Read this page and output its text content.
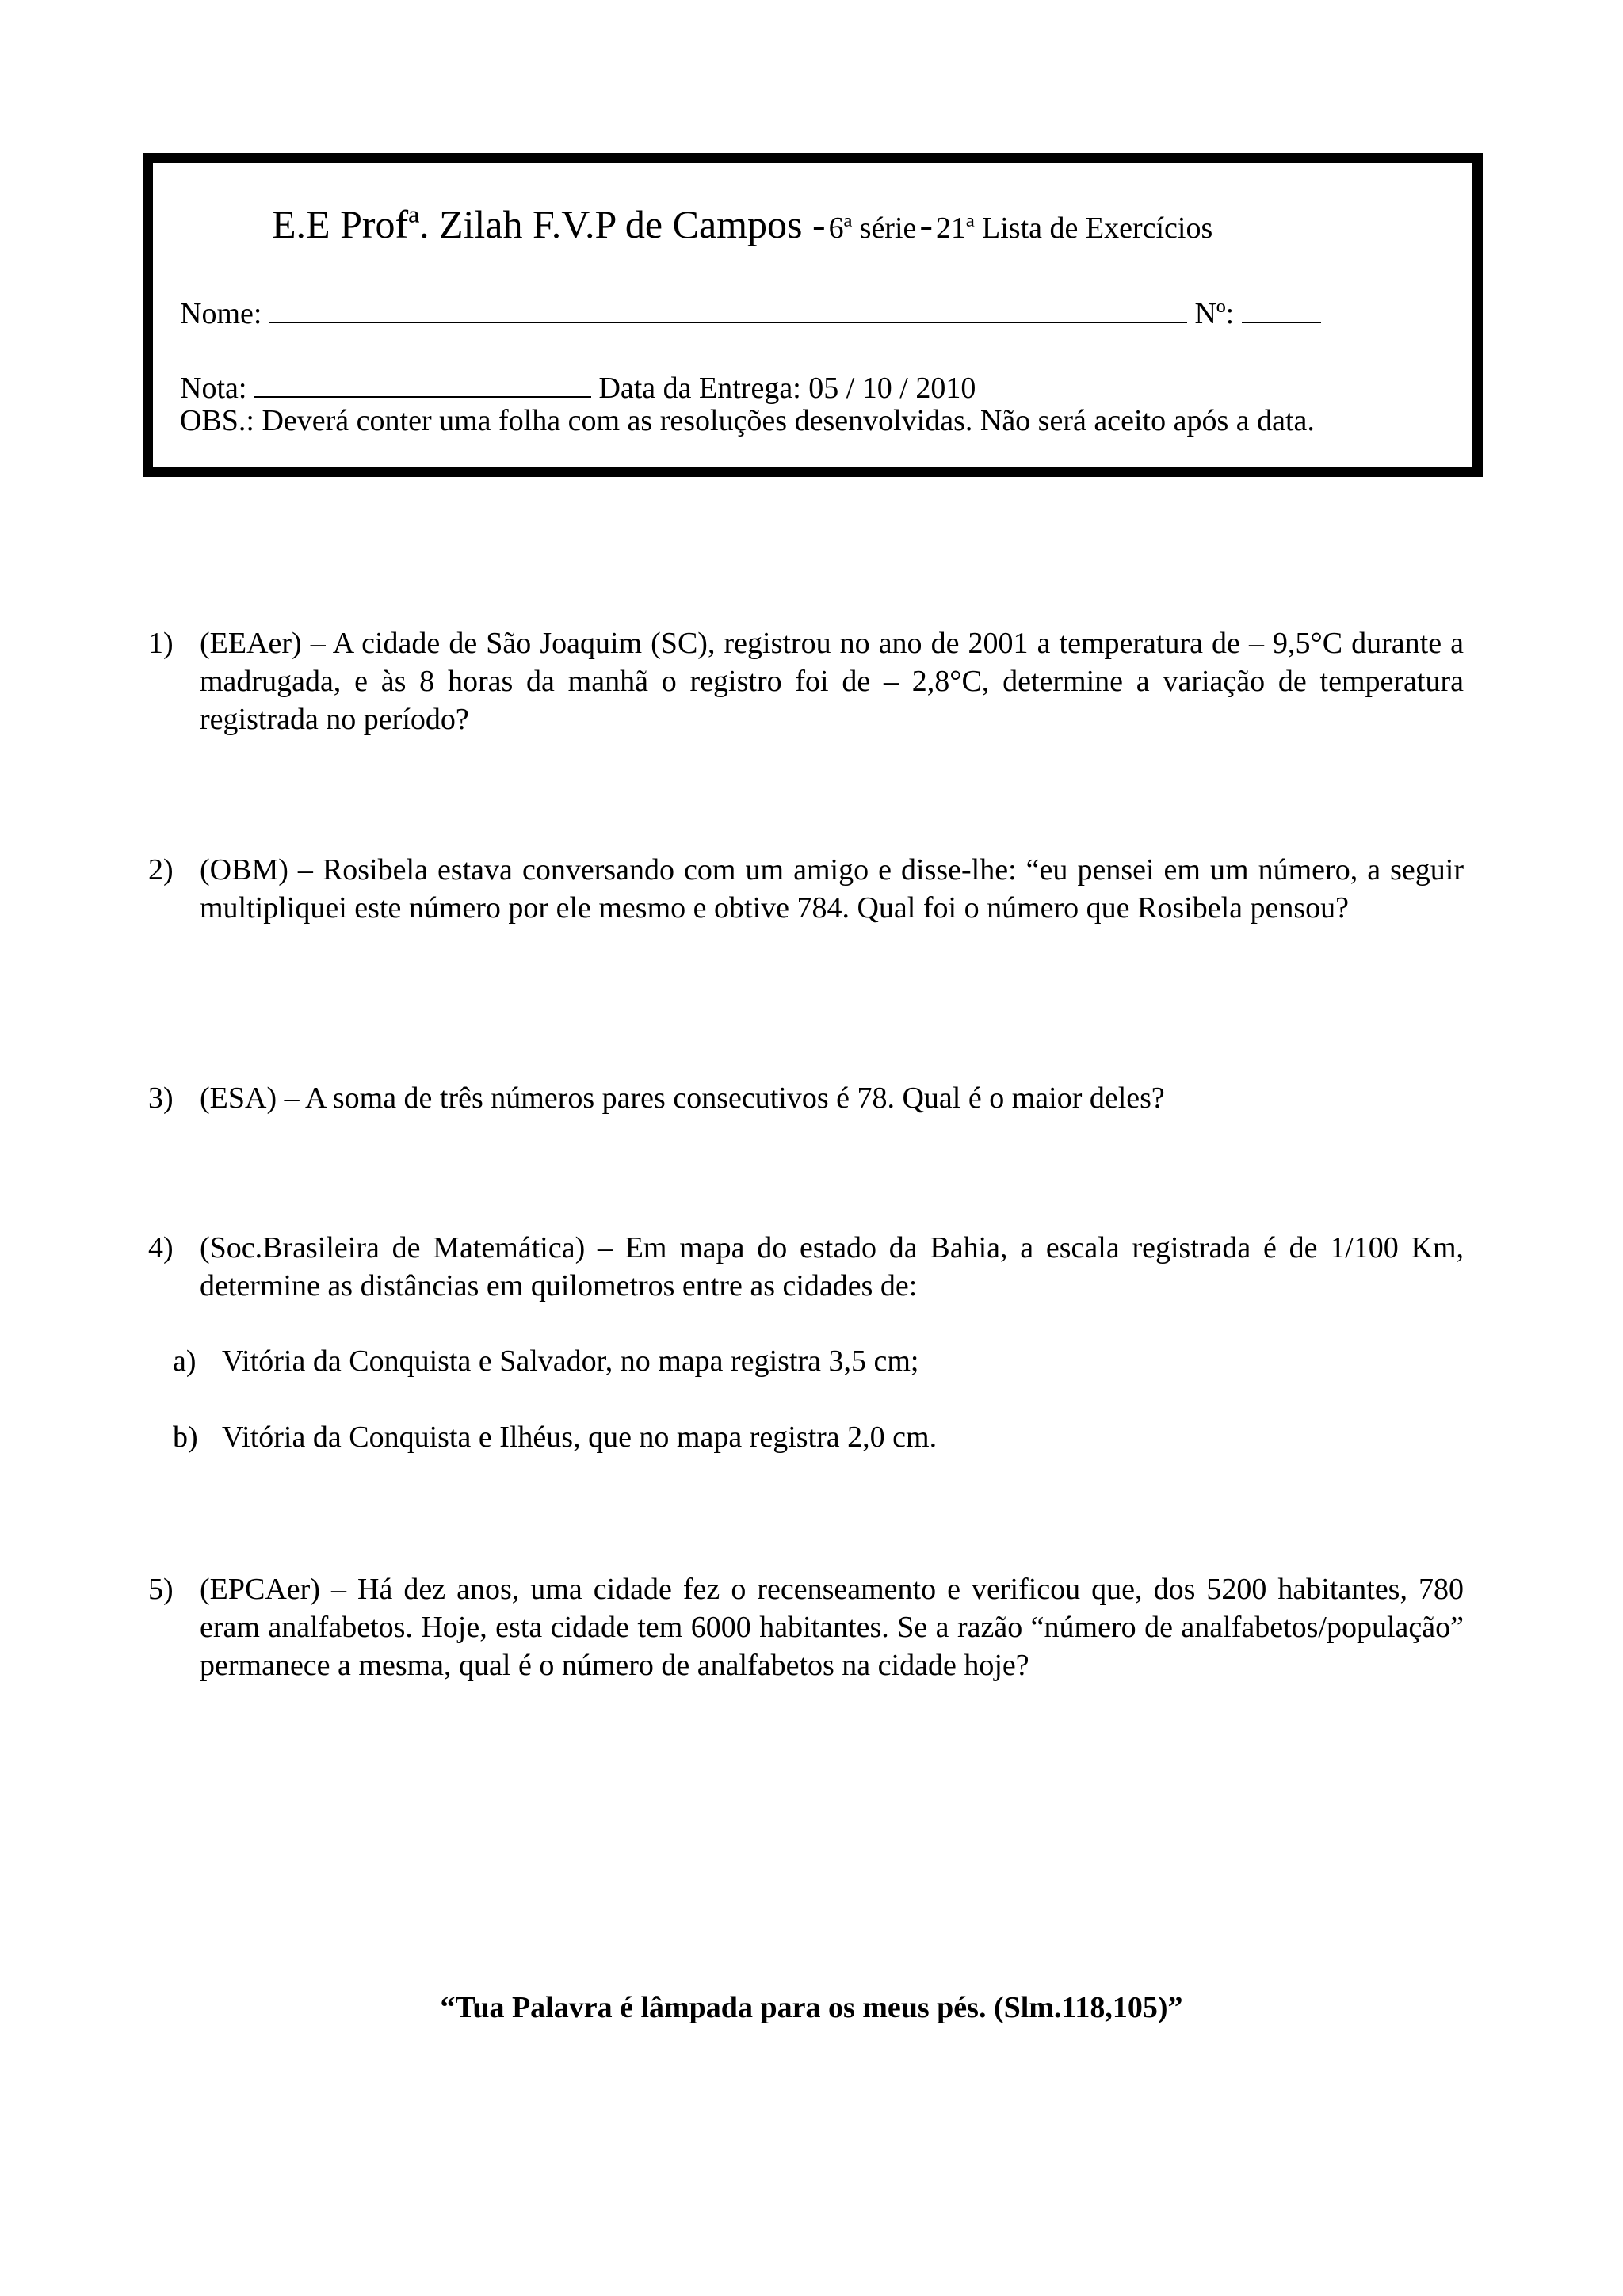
E.E Profª. Zilah F.V.P de Campos - 6ª série - 21ª Lista de Exercícios
Nome:	Nº:
Nota:	Data da Entrega: 05 / 10 / 2010
OBS.: Deverá conter uma folha com as resoluções desenvolvidas. Não será aceito após a data.
1) (EEAer) – A cidade de São Joaquim (SC), registrou no ano de 2001 a temperatura de – 9,5°C durante a madrugada, e às 8 horas da manhã o registro foi de – 2,8°C, determine a variação de temperatura registrada no período?
2) (OBM) – Rosibela estava conversando com um amigo e disse-lhe: “eu pensei em um número, a seguir multipliquei este número por ele mesmo e obtive 784. Qual foi o número que Rosibela pensou?
3) (ESA) – A soma de três números pares consecutivos é 78. Qual é o maior deles?
4) (Soc.Brasileira de Matemática) – Em mapa do estado da Bahia, a escala registrada é de 1/100 Km, determine as distâncias em quilometros entre as cidades de:
a) Vitória da Conquista e Salvador, no mapa registra 3,5 cm;
b) Vitória da Conquista e Ilhéus, que no mapa registra 2,0 cm.
5) (EPCAer) – Há dez anos, uma cidade fez o recenseamento e verificou que, dos 5200 habitantes, 780 eram analfabetos. Hoje, esta cidade tem 6000 habitantes. Se a razão “número de analfabetos/população” permanece a mesma, qual é o número de analfabetos na cidade hoje?
“Tua Palavra é lâmpada para os meus pés. (Slm.118,105)”
